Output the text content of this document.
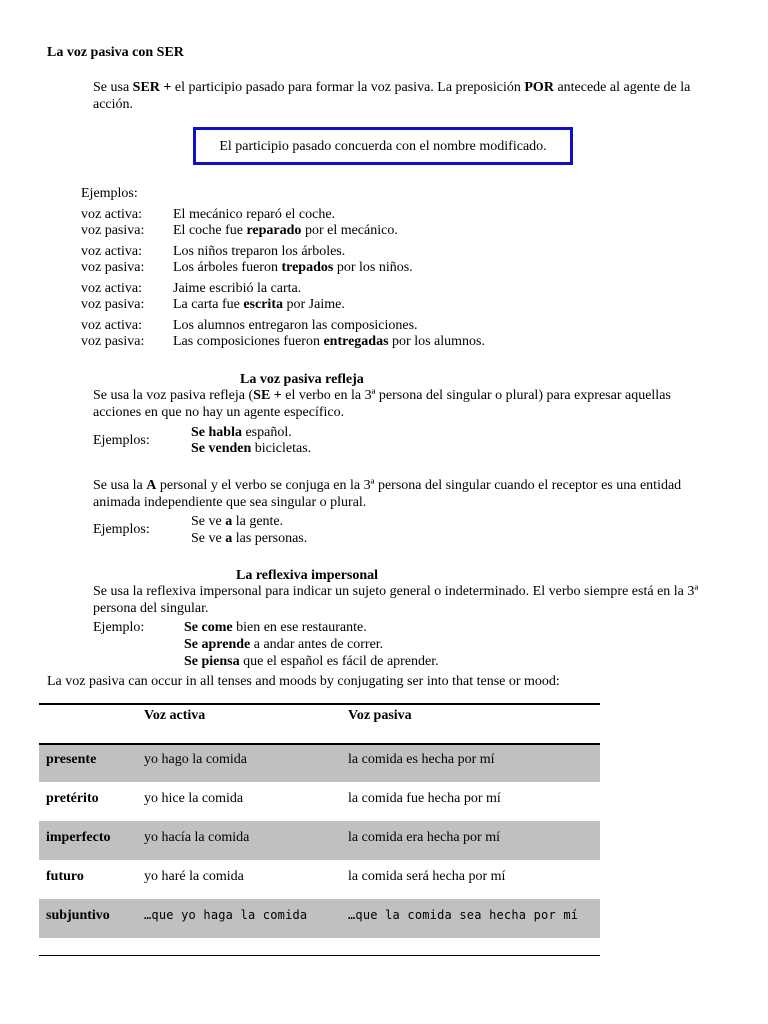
La voz pasiva con SER
Se usa SER + el participio pasado para formar la voz pasiva. La preposición POR antecede al agente de la acción.
El participio pasado concuerda con el nombre modificado.
Ejemplos:
voz activa:	El mecánico reparó el coche.
voz pasiva:	El coche fue reparado por el mecánico.
voz activa:	Los niños treparon los árboles.
voz pasiva:	Los árboles fueron trepados por los niños.
voz activa:	Jaime escribió la carta.
voz pasiva:	La carta fue escrita por Jaime.
voz activa:	Los alumnos entregaron las composiciones.
voz pasiva:	Las composiciones fueron entregadas por los alumnos.
La voz pasiva refleja
Se usa la voz pasiva refleja (SE + el verbo en la 3ª persona del singular o plural) para expresar aquellas acciones en que no hay un agente específico.
Ejemplos:
Se habla español.
Se venden bicicletas.
Se usa la A personal y el verbo se conjuga en la 3ª persona del singular cuando el receptor es una entidad animada independiente que sea singular o plural.
Ejemplos:
Se ve a la gente.
Se ve a las personas.
La reflexiva impersonal
Se usa la reflexiva impersonal para indicar un sujeto general o indeterminado. El verbo siempre está en la 3ª persona del singular.
Ejemplo:	Se come bien en ese restaurante.
Se aprende a andar antes de correr.
Se piensa que el español es fácil de aprender.
La voz pasiva can occur in all tenses and moods by conjugating ser into that tense or mood:
	Voz activa	Voz pasiva
presente	yo hago la comida	la comida es hecha por mí
pretérito	yo hice la comida	la comida fue hecha por mí
imperfecto	yo hacía la comida	la comida era hecha por mí
futuro	yo haré la comida	la comida será hecha por mí
subjuntivo	…que yo haga la comida	…que la comida sea hecha por mí
